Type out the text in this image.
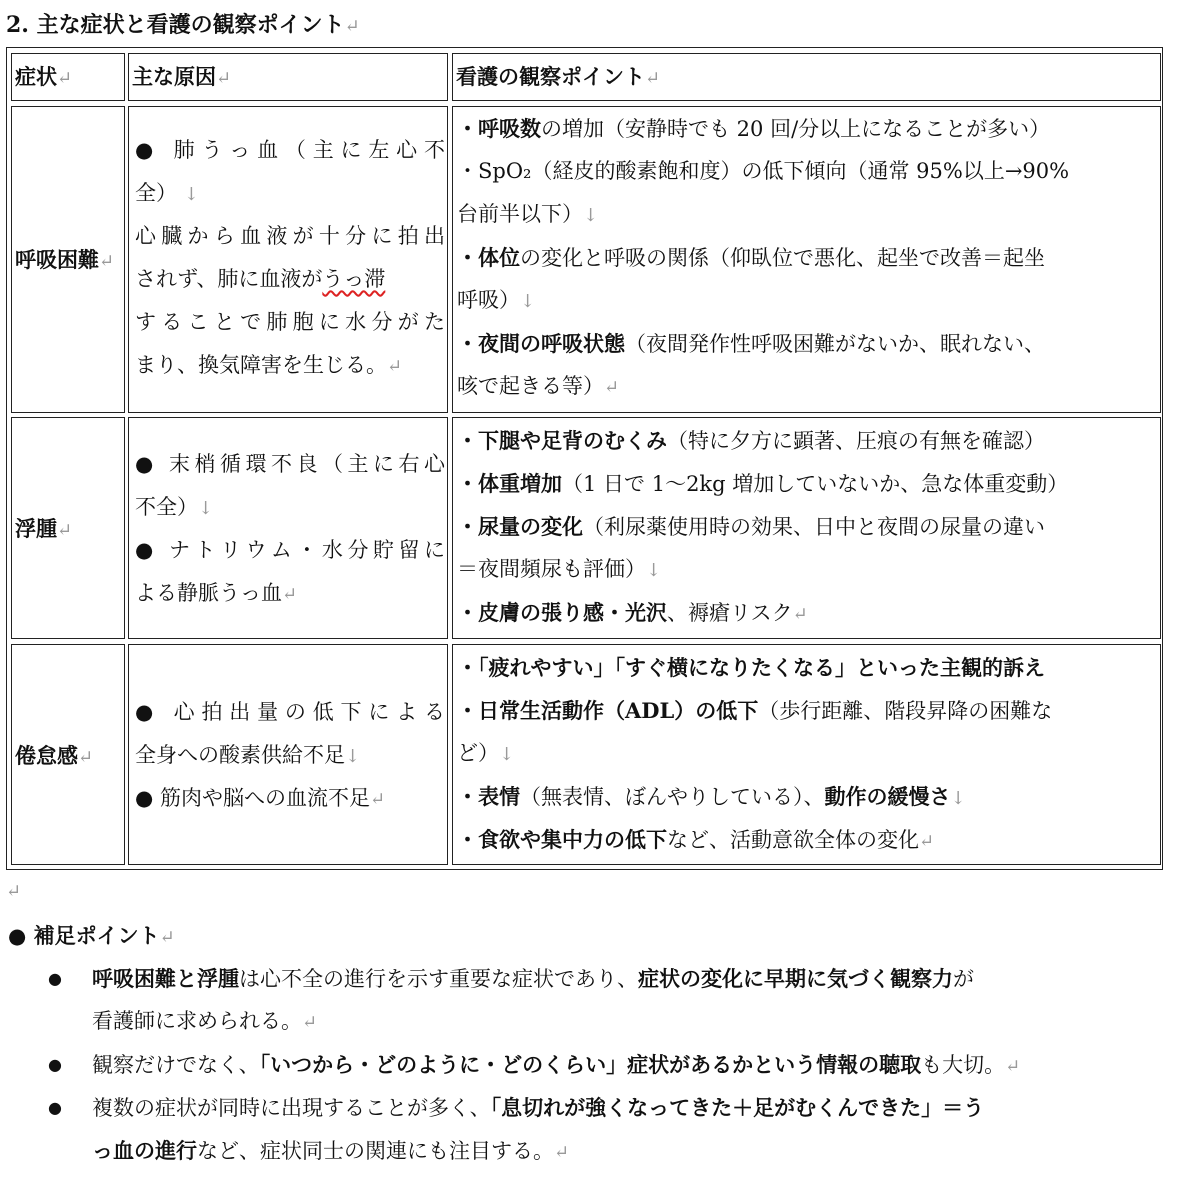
2. 主な症状と看護の観察ポイント↵
症状↵	主な原因↵	看護の観察ポイント↵
呼吸困難↵
● 肺うっ血（主に左心不
全） ↓
心臓から血液が十分に拍出
されず、肺に血液がうっ滞
することで肺胞に水分がた
まり、換気障害を生じる。↵
・呼吸数の増加（安静時でも 20 回/分以上になることが多い）
・SpO₂（経皮的酸素飽和度）の低下傾向（通常 95%以上→90%
台前半以下）↓
・体位の変化と呼吸の関係（仰臥位で悪化、起坐で改善＝起坐
呼吸）↓
・夜間の呼吸状態（夜間発作性呼吸困難がないか、眠れない、
咳で起きる等）↵
浮腫↵
● 末梢循環不良（主に右心
不全）↓
● ナトリウム・水分貯留に
よる静脈うっ血↵
・下腿や足背のむくみ（特に夕方に顕著、圧痕の有無を確認）
・体重増加（1 日で 1～2kg 増加していないか、急な体重変動）
・尿量の変化（利尿薬使用時の効果、日中と夜間の尿量の違い
＝夜間頻尿も評価）↓
・皮膚の張り感・光沢、褥瘡リスク↵
倦怠感↵
● 心拍出量の低下による
全身への酸素供給不足↓
● 筋肉や脳への血流不足↵
・「疲れやすい」「すぐ横になりたくなる」といった主観的訴え
・日常生活動作（ADL）の低下（歩行距離、階段昇降の困難な
ど）↓
・表情（無表情、ぼんやりしている）、動作の緩慢さ↓
・食欲や集中力の低下など、活動意欲全体の変化↵
↵
● 補足ポイント↵
● 呼吸困難と浮腫は心不全の進行を示す重要な症状であり、症状の変化に早期に気づく観察力が
看護師に求められる。↵
● 観察だけでなく、「いつから・どのように・どのくらい」症状があるかという情報の聴取も大切。↵
● 複数の症状が同時に出現することが多く、「息切れが強くなってきた＋足がむくんできた」＝う
っ血の進行など、症状同士の関連にも注目する。↵
